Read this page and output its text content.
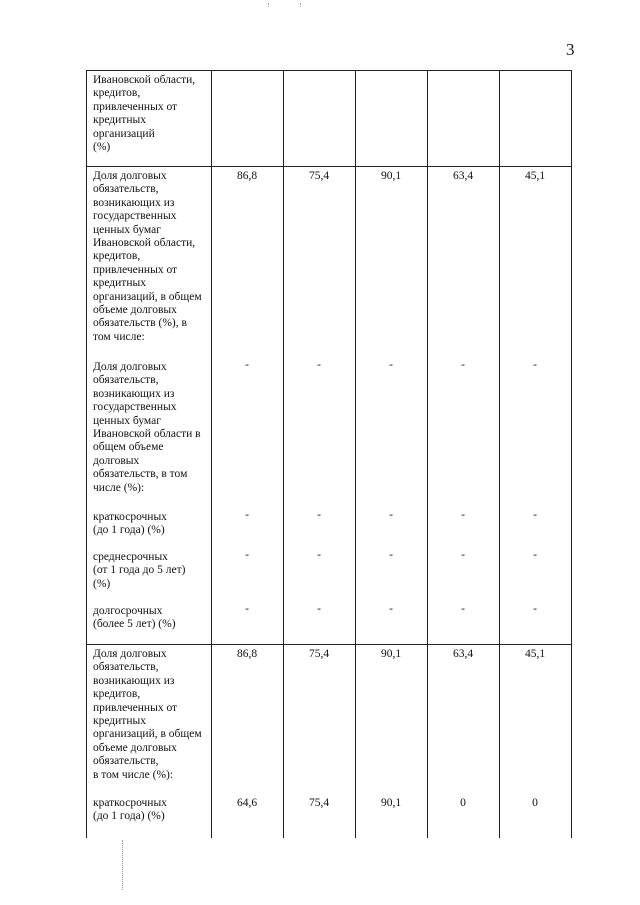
3
Ивановской области,
кредитов,
привлеченных от
кредитных
организаций
(%)
Доля долговых
обязательств,
возникающих из
государственных
ценных бумаг
Ивановской области,
кредитов,
привлеченных от
кредитных
организаций, в общем
объеме долговых
обязательств (%), в
том числе:
86,8	75,4	90,1	63,4	45,1
Доля долговых
обязательств,
возникающих из
государственных
ценных бумаг
Ивановской области в
общем объеме
долговых
обязательств, в том
числе (%):
-	-	-	-	-
краткосрочных
(до 1 года) (%)
-	-	-	-	-
среднесрочных
(от 1 года до 5 лет)
(%)
-	-	-	-	-
долгосрочных
(более 5 лет) (%)
-	-	-	-	-
Доля долговых
обязательств,
возникающих из
кредитов,
привлеченных от
кредитных
организаций, в общем
объеме долговых
обязательств,
в том числе (%):
86,8	75,4	90,1	63,4	45,1
краткосрочных
(до 1 года) (%)
64,6	75,4	90,1	0	0
